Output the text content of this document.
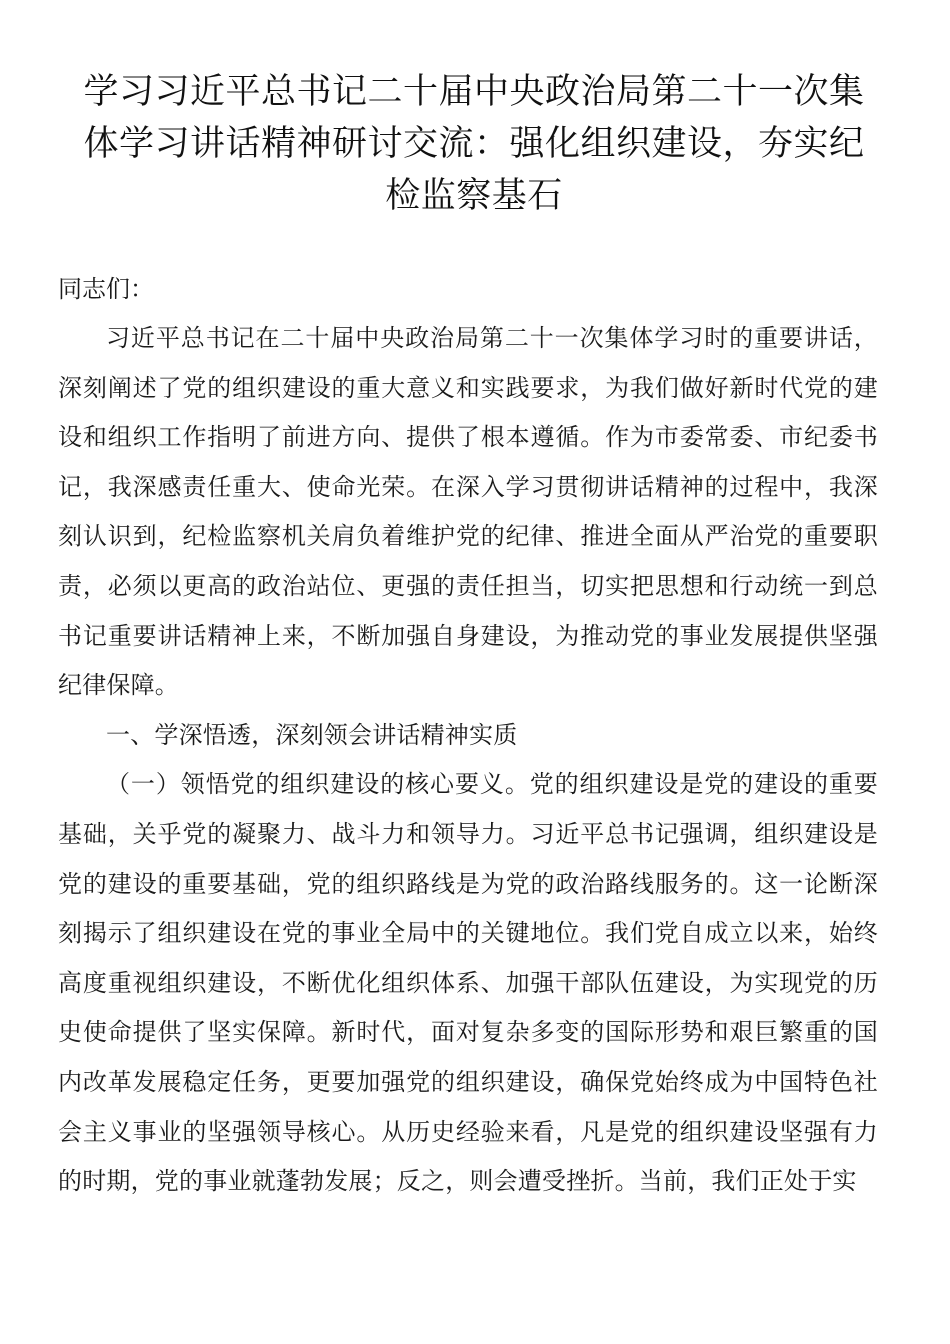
学习习近平总书记二十届中央政治局第二十一次集体学习讲话精神研讨交流：强化组织建设，夯实纪检监察基石

同志们：

习近平总书记在二十届中央政治局第二十一次集体学习时的重要讲话，深刻阐述了党的组织建设的重大意义和实践要求，为我们做好新时代党的建设和组织工作指明了前进方向、提供了根本遵循。作为市委常委、市纪委书记，我深感责任重大、使命光荣。在深入学习贯彻讲话精神的过程中，我深刻认识到，纪检监察机关肩负着维护党的纪律、推进全面从严治党的重要职责，必须以更高的政治站位、更强的责任担当，切实把思想和行动统一到总书记重要讲话精神上来，不断加强自身建设，为推动党的事业发展提供坚强纪律保障。

一、学深悟透，深刻领会讲话精神实质

（一）领悟党的组织建设的核心要义。党的组织建设是党的建设的重要基础，关乎党的凝聚力、战斗力和领导力。习近平总书记强调，组织建设是党的建设的重要基础，党的组织路线是为党的政治路线服务的。这一论断深刻揭示了组织建设在党的事业全局中的关键地位。我们党自成立以来，始终高度重视组织建设，不断优化组织体系、加强干部队伍建设，为实现党的历史使命提供了坚实保障。新时代，面对复杂多变的国际形势和艰巨繁重的国内改革发展稳定任务，更要加强党的组织建设，确保党始终成为中国特色社会主义事业的坚强领导核心。从历史经验来看，凡是党的组织建设坚强有力的时期，党的事业就蓬勃发展；反之，则会遭受挫折。当前，我们正处于实
